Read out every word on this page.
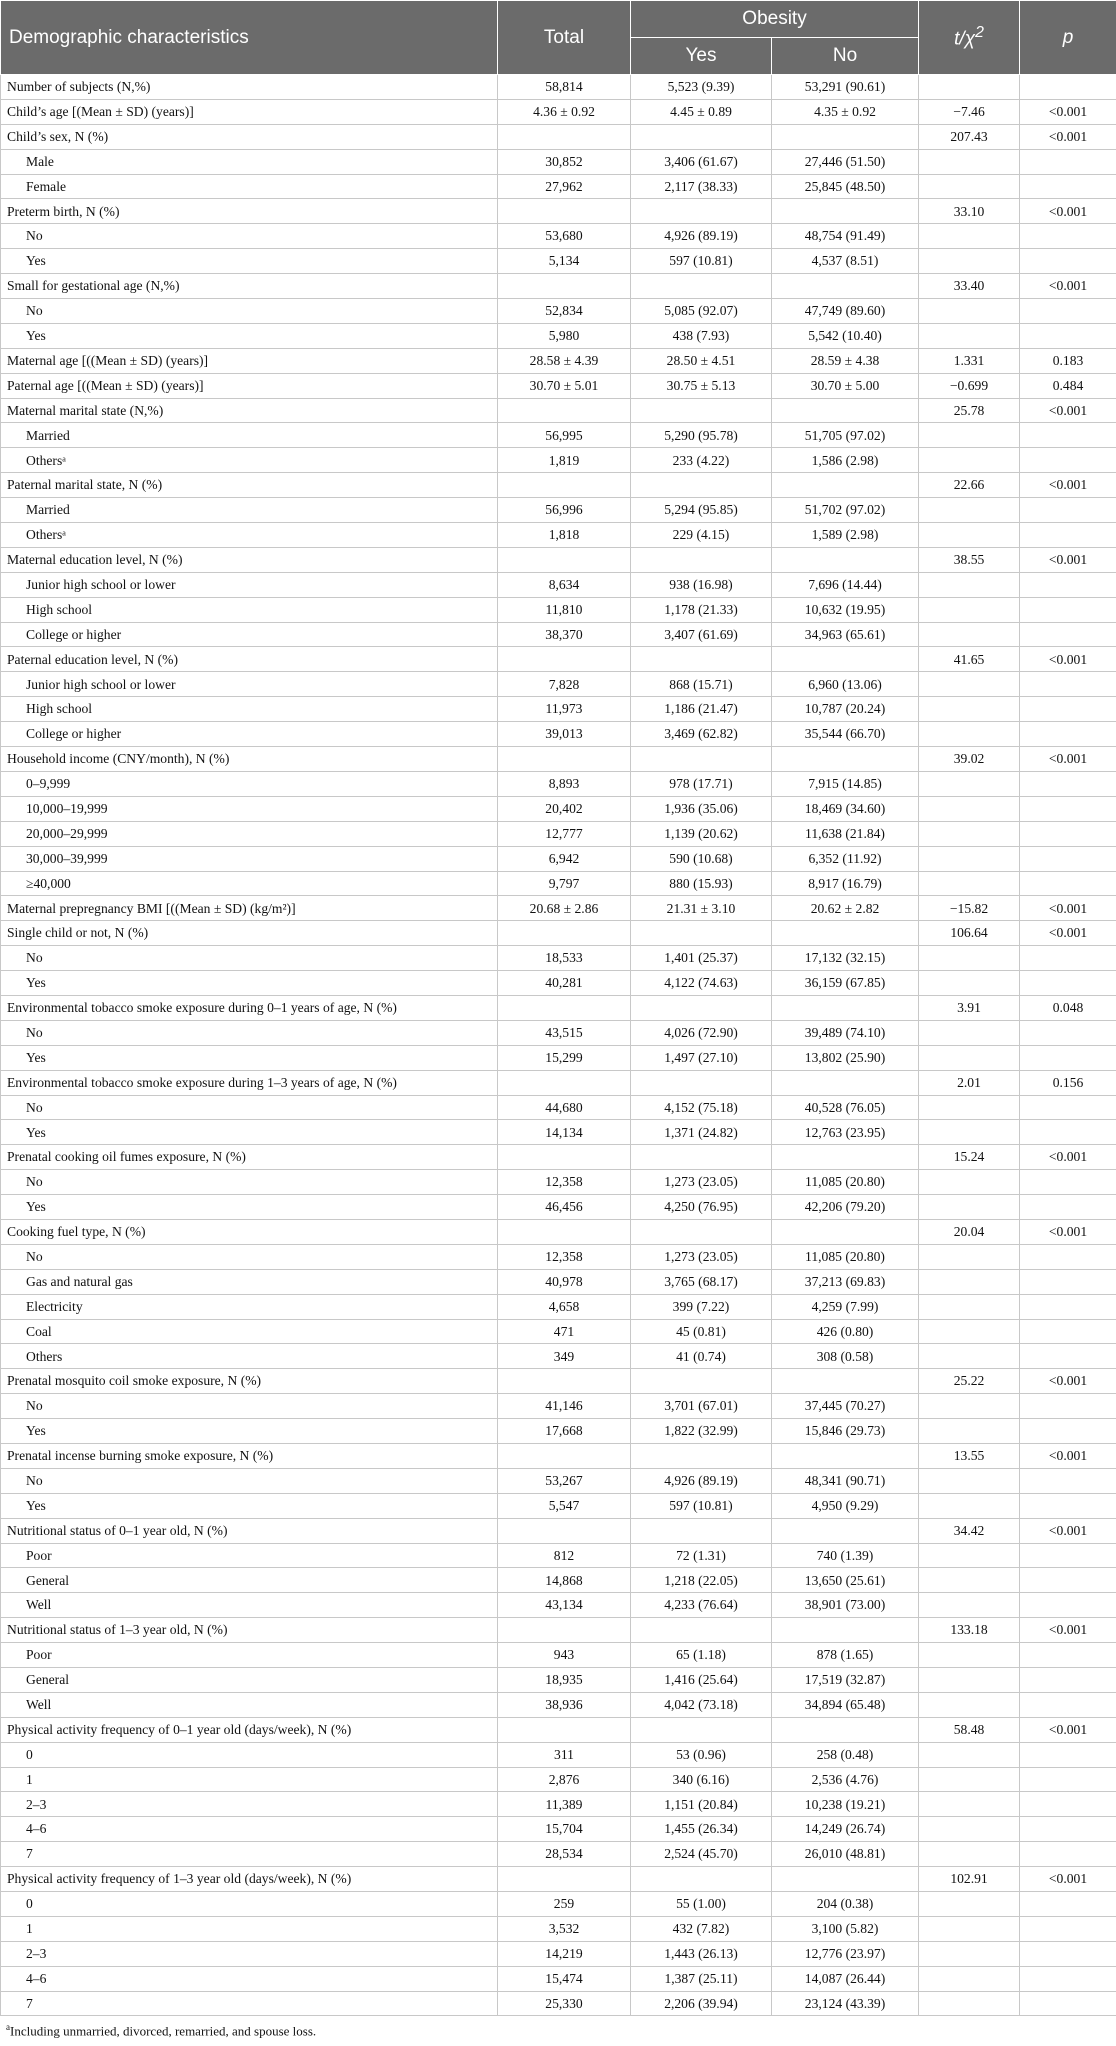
Demographic characteristics	Total	Obesity		$t/\chi^2$	p
		Yes	No		
Number of subjects (N,%)	58,814	5,523 (9.39)	53,291 (90.61)		
Child’s age [(Mean ± SD) (years)]	4.36 ± 0.92	4.45 ± 0.89	4.35 ± 0.92	−7.46	<0.001
Child’s sex, N (%)				207.43	<0.001
Male	30,852	3,406 (61.67)	27,446 (51.50)		
Female	27,962	2,117 (38.33)	25,845 (48.50)		
Preterm birth, N (%)				33.10	<0.001
No	53,680	4,926 (89.19)	48,754 (91.49)		
Yes	5,134	597 (10.81)	4,537 (8.51)		
Small for gestational age (N,%)				33.40	<0.001
No	52,834	5,085 (92.07)	47,749 (89.60)		
Yes	5,980	438 (7.93)	5,542 (10.40)		
Maternal age [((Mean ± SD) (years)]	28.58 ± 4.39	28.50 ± 4.51	28.59 ± 4.38	1.331	0.183
Paternal age [((Mean ± SD) (years)]	30.70 ± 5.01	30.75 ± 5.13	30.70 ± 5.00	−0.699	0.484
Maternal marital state (N,%)				25.78	<0.001
Married	56,995	5,290 (95.78)	51,705 (97.02)		
Othersᵃ	1,819	233 (4.22)	1,586 (2.98)		
Paternal marital state, N (%)				22.66	<0.001
Married	56,996	5,294 (95.85)	51,702 (97.02)		
Othersᵃ	1,818	229 (4.15)	1,589 (2.98)		
Maternal education level, N (%)				38.55	<0.001
Junior high school or lower	8,634	938 (16.98)	7,696 (14.44)		
High school	11,810	1,178 (21.33)	10,632 (19.95)		
College or higher	38,370	3,407 (61.69)	34,963 (65.61)		
Paternal education level, N (%)				41.65	<0.001
Junior high school or lower	7,828	868 (15.71)	6,960 (13.06)		
High school	11,973	1,186 (21.47)	10,787 (20.24)		
College or higher	39,013	3,469 (62.82)	35,544 (66.70)		
Household income (CNY/month), N (%)				39.02	<0.001
0–9,999	8,893	978 (17.71)	7,915 (14.85)		
10,000–19,999	20,402	1,936 (35.06)	18,469 (34.60)		
20,000–29,999	12,777	1,139 (20.62)	11,638 (21.84)		
30,000–39,999	6,942	590 (10.68)	6,352 (11.92)		
≥40,000	9,797	880 (15.93)	8,917 (16.79)		
Maternal prepregnancy BMI [((Mean ± SD) (kg/m²)]	20.68 ± 2.86	21.31 ± 3.10	20.62 ± 2.82	−15.82	<0.001
Single child or not, N (%)				106.64	<0.001
No	18,533	1,401 (25.37)	17,132 (32.15)		
Yes	40,281	4,122 (74.63)	36,159 (67.85)		
Environmental tobacco smoke exposure during 0–1 years of age, N (%)				3.91	0.048
No	43,515	4,026 (72.90)	39,489 (74.10)		
Yes	15,299	1,497 (27.10)	13,802 (25.90)		
Environmental tobacco smoke exposure during 1–3 years of age, N (%)				2.01	0.156
No	44,680	4,152 (75.18)	40,528 (76.05)		
Yes	14,134	1,371 (24.82)	12,763 (23.95)		
Prenatal cooking oil fumes exposure, N (%)				15.24	<0.001
No	12,358	1,273 (23.05)	11,085 (20.80)		
Yes	46,456	4,250 (76.95)	42,206 (79.20)		
Cooking fuel type, N (%)				20.04	<0.001
No	12,358	1,273 (23.05)	11,085 (20.80)		
Gas and natural gas	40,978	3,765 (68.17)	37,213 (69.83)		
Electricity	4,658	399 (7.22)	4,259 (7.99)		
Coal	471	45 (0.81)	426 (0.80)		
Others	349	41 (0.74)	308 (0.58)		
Prenatal mosquito coil smoke exposure, N (%)				25.22	<0.001
No	41,146	3,701 (67.01)	37,445 (70.27)		
Yes	17,668	1,822 (32.99)	15,846 (29.73)		
Prenatal incense burning smoke exposure, N (%)				13.55	<0.001
No	53,267	4,926 (89.19)	48,341 (90.71)		
Yes	5,547	597 (10.81)	4,950 (9.29)		
Nutritional status of 0–1 year old, N (%)				34.42	<0.001
Poor	812	72 (1.31)	740 (1.39)		
General	14,868	1,218 (22.05)	13,650 (25.61)		
Well	43,134	4,233 (76.64)	38,901 (73.00)		
Nutritional status of 1–3 year old, N (%)				133.18	<0.001
Poor	943	65 (1.18)	878 (1.65)		
General	18,935	1,416 (25.64)	17,519 (32.87)		
Well	38,936	4,042 (73.18)	34,894 (65.48)		
Physical activity frequency of 0–1 year old (days/week), N (%)				58.48	<0.001
0	311	53 (0.96)	258 (0.48)		
1	2,876	340 (6.16)	2,536 (4.76)		
2–3	11,389	1,151 (20.84)	10,238 (19.21)		
4–6	15,704	1,455 (26.34)	14,249 (26.74)		
7	28,534	2,524 (45.70)	26,010 (48.81)		
Physical activity frequency of 1–3 year old (days/week), N (%)				102.91	<0.001
0	259	55 (1.00)	204 (0.38)		
1	3,532	432 (7.82)	3,100 (5.82)		
2–3	14,219	1,443 (26.13)	12,776 (23.97)		
4–6	15,474	1,387 (25.11)	14,087 (26.44)		
7	25,330	2,206 (39.94)	23,124 (43.39)		
$^a$Including unmarried, divorced, remarried, and spouse loss.
